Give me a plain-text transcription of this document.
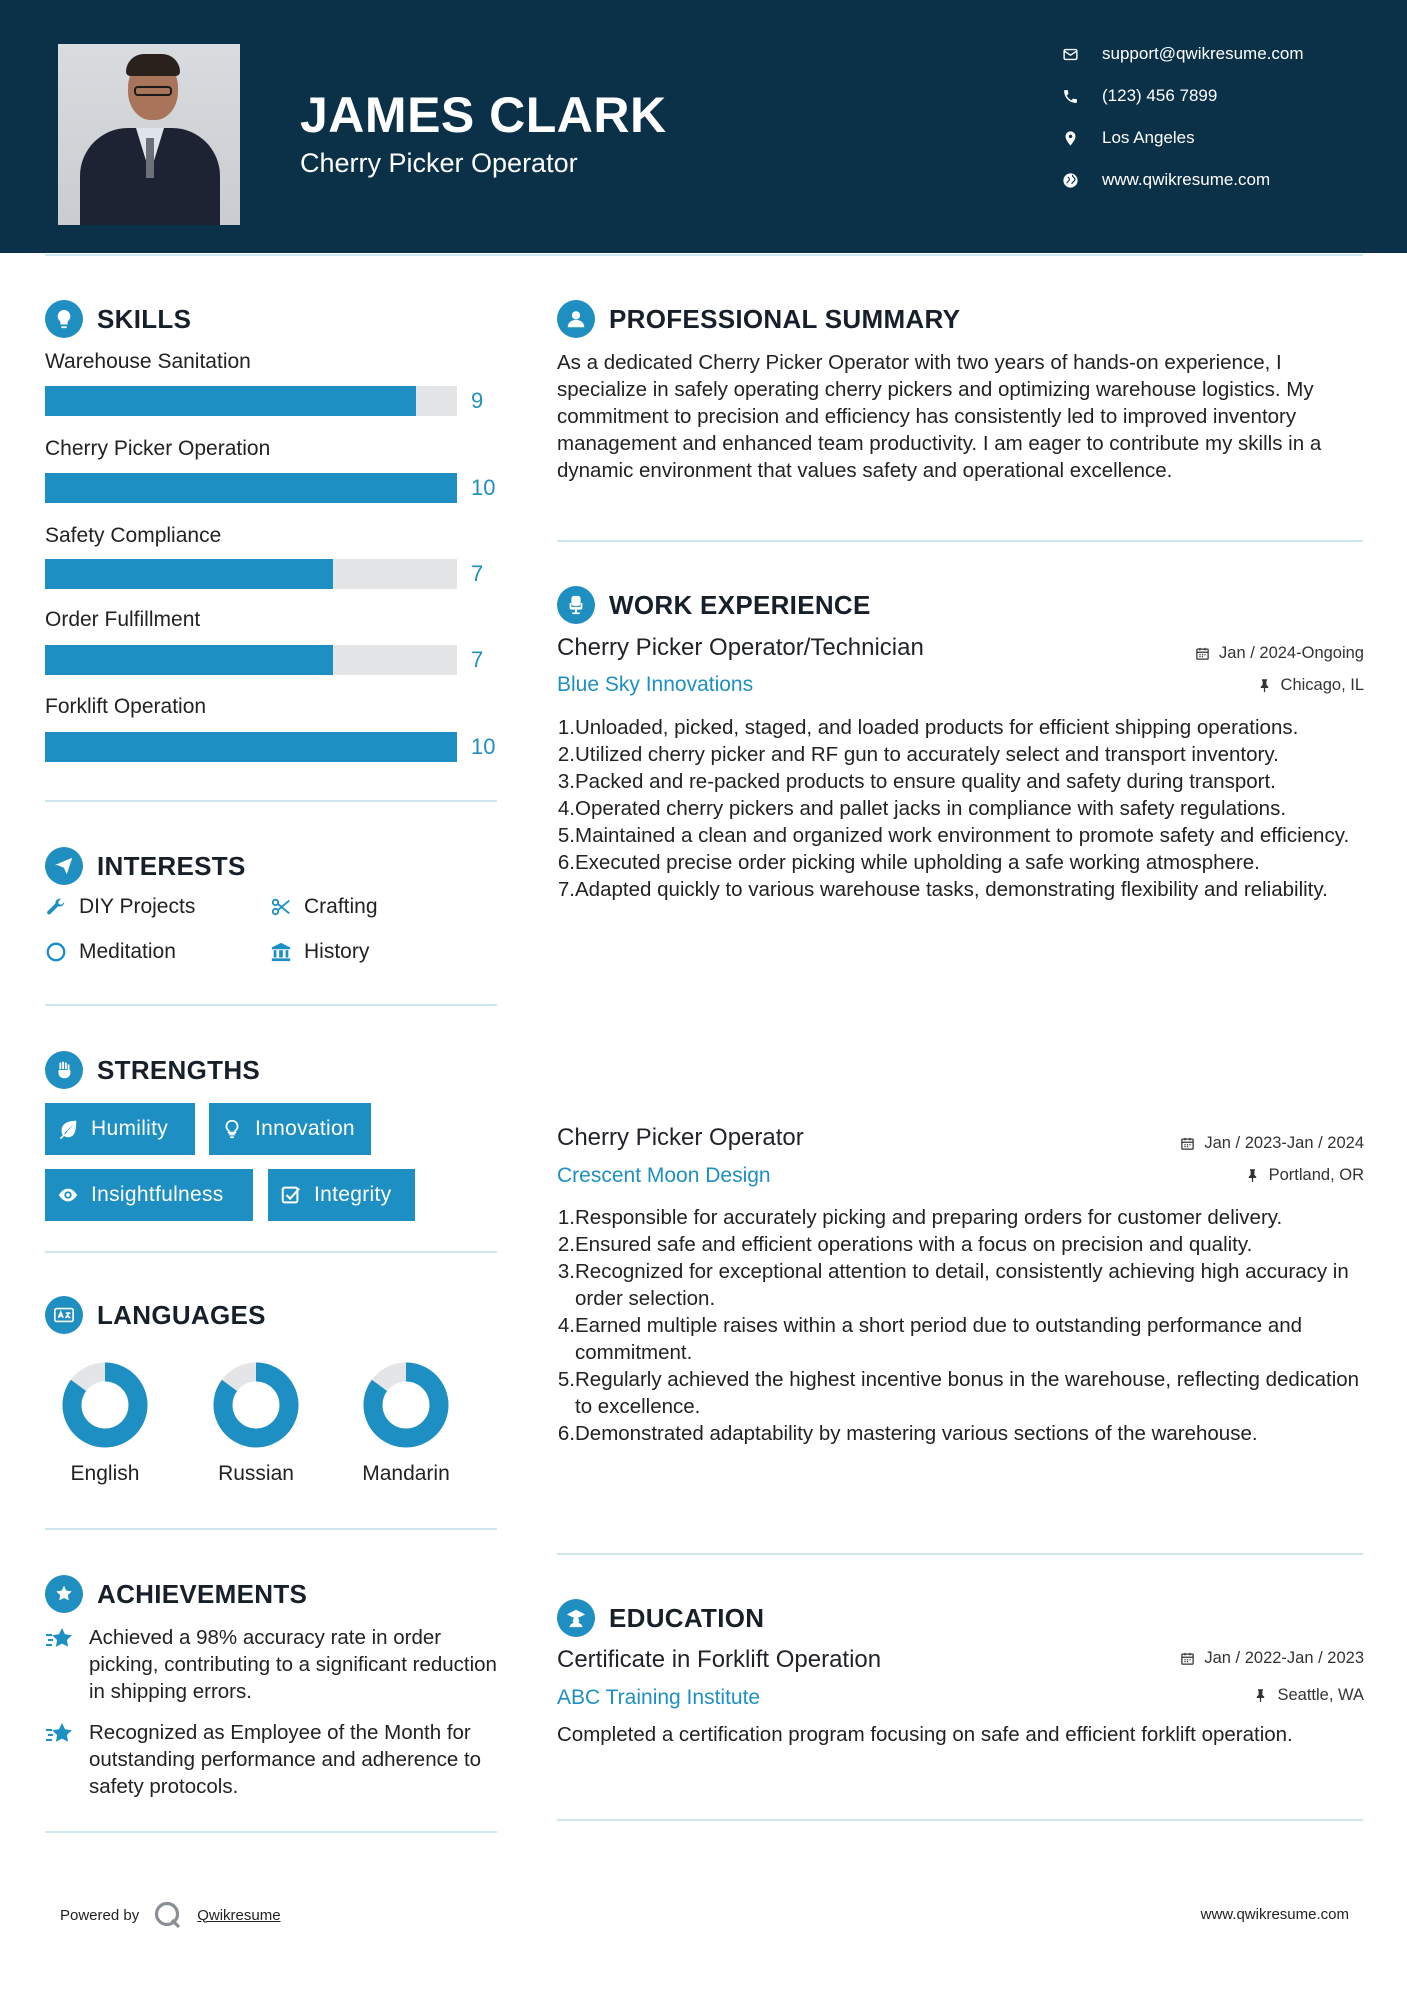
JAMES CLARK
Cherry Picker Operator
support@qwikresume.com
(123) 456 7899
Los Angeles
www.qwikresume.com
SKILLS
Warehouse Sanitation
9
Cherry Picker Operation
10
Safety Compliance
7
Order Fulfillment
7
Forklift Operation
10
INTERESTS
DIY Projects	Crafting
Meditation	History
STRENGTHS
Humility	Innovation
Insightfulness	Integrity
LANGUAGES
English	Russian	Mandarin
ACHIEVEMENTS
Achieved a 98% accuracy rate in order picking, contributing to a significant reduction in shipping errors.
Recognized as Employee of the Month for outstanding performance and adherence to safety protocols.
PROFESSIONAL SUMMARY
As a dedicated Cherry Picker Operator with two years of hands-on experience, I specialize in safely operating cherry pickers and optimizing warehouse logistics. My commitment to precision and efficiency has consistently led to improved inventory management and enhanced team productivity. I am eager to contribute my skills in a dynamic environment that values safety and operational excellence.
WORK EXPERIENCE
Cherry Picker Operator/Technician
Blue Sky Innovations
Jan / 2024-Ongoing
Chicago, IL
1. Unloaded, picked, staged, and loaded products for efficient shipping operations.
2. Utilized cherry picker and RF gun to accurately select and transport inventory.
3. Packed and re-packed products to ensure quality and safety during transport.
4. Operated cherry pickers and pallet jacks in compliance with safety regulations.
5. Maintained a clean and organized work environment to promote safety and efficiency.
6. Executed precise order picking while upholding a safe working atmosphere.
7. Adapted quickly to various warehouse tasks, demonstrating flexibility and reliability.
Cherry Picker Operator
Crescent Moon Design
Jan / 2023-Jan / 2024
Portland, OR
1. Responsible for accurately picking and preparing orders for customer delivery.
2. Ensured safe and efficient operations with a focus on precision and quality.
3. Recognized for exceptional attention to detail, consistently achieving high accuracy in order selection.
4. Earned multiple raises within a short period due to outstanding performance and commitment.
5. Regularly achieved the highest incentive bonus in the warehouse, reflecting dedication to excellence.
6. Demonstrated adaptability by mastering various sections of the warehouse.
EDUCATION
Certificate in Forklift Operation
ABC Training Institute
Jan / 2022-Jan / 2023
Seattle, WA
Completed a certification program focusing on safe and efficient forklift operation.
Powered by	Qwikresume	www.qwikresume.com
